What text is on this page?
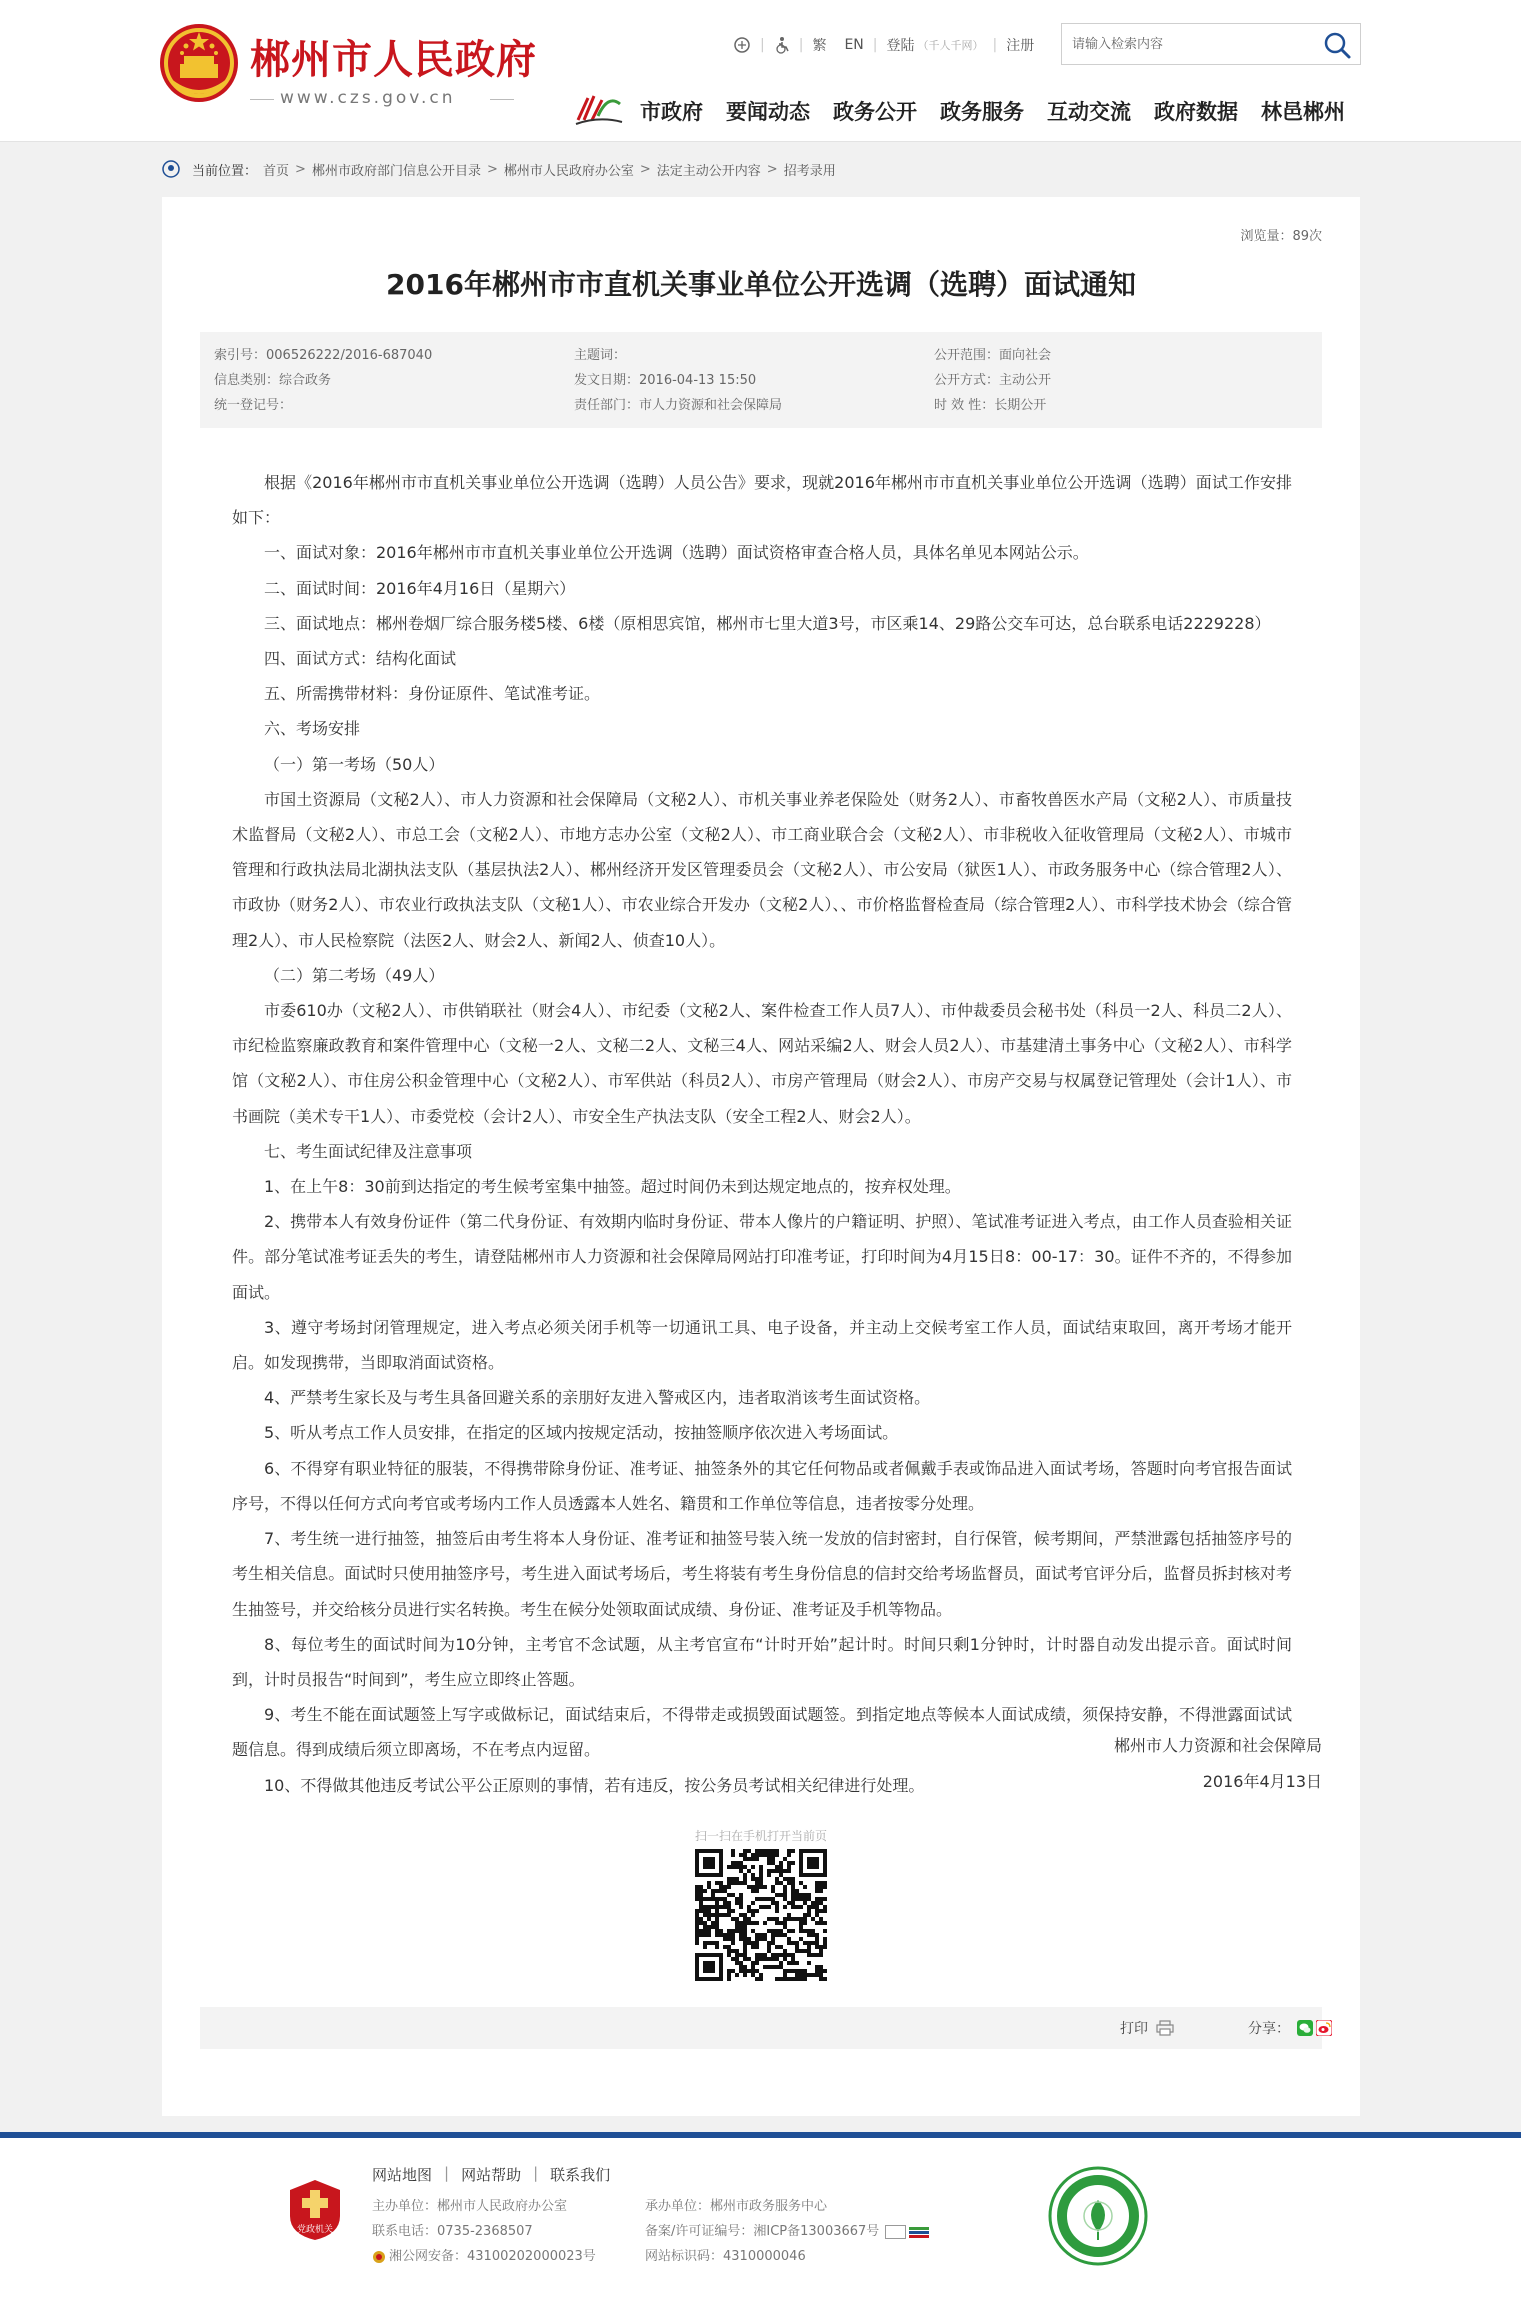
郴州市人民政府
www.czs.gov.cn
| | 繁	EN | 登陆 （千人千网） | 注册
请输入检索内容
市政府 要闻动态 政务公开 政务服务 互动交流 政府数据 林邑郴州
当前位置： 首页 > 郴州市政府部门信息公开目录 > 郴州市人民政府办公室 > 法定主动公开内容 > 招考录用
浏览量：89次
2016年郴州市市直机关事业单位公开选调（选聘）面试通知
索引号：006526222/2016-687040
信息类别：综合政务
统一登记号：
主题词：
发文日期：2016-04-13 15:50
责任部门：市人力资源和社会保障局
公开范围：面向社会
公开方式：主动公开
时 效 性：长期公开

根据《2016年郴州市市直机关事业单位公开选调（选聘）人员公告》要求，现就2016年郴州市市直机关事业单位公开选调（选聘）面试工作安排如下：

一、面试对象：2016年郴州市市直机关事业单位公开选调（选聘）面试资格审查合格人员，具体名单见本网站公示。

二、面试时间：2016年4月16日（星期六）

三、面试地点：郴州卷烟厂综合服务楼5楼、6楼（原相思宾馆，郴州市七里大道3号，市区乘14、29路公交车可达，总台联系电话2229228）

四、面试方式：结构化面试

五、所需携带材料：身份证原件、笔试准考证。

六、考场安排

（一）第一考场（50人）

市国土资源局（文秘2人）、市人力资源和社会保障局（文秘2人）、市机关事业养老保险处（财务2人）、市畜牧兽医水产局（文秘2人）、市质量技术监督局（文秘2人）、市总工会（文秘2人）、市地方志办公室（文秘2人）、市工商业联合会（文秘2人）、市非税收入征收管理局（文秘2人）、市城市管理和行政执法局北湖执法支队（基层执法2人）、郴州经济开发区管理委员会（文秘2人）、市公安局（狱医1人）、市政务服务中心（综合管理2人）、市政协（财务2人）、市农业行政执法支队（文秘1人）、市农业综合开发办（文秘2人）、、市价格监督检查局（综合管理2人）、市科学技术协会（综合管理2人）、市人民检察院（法医2人、财会2人、新闻2人、侦查10人）。

（二）第二考场（49人）

市委610办（文秘2人）、市供销联社（财会4人）、市纪委（文秘2人、案件检查工作人员7人）、市仲裁委员会秘书处（科员一2人、科员二2人）、市纪检监察廉政教育和案件管理中心（文秘一2人、文秘二2人、文秘三4人、网站采编2人、财会人员2人）、市基建清土事务中心（文秘2人）、市科学馆（文秘2人）、市住房公积金管理中心（文秘2人）、市军供站（科员2人）、市房产管理局（财会2人）、市房产交易与权属登记管理处（会计1人）、市书画院（美术专干1人）、市委党校（会计2人）、市安全生产执法支队（安全工程2人、财会2人）。

七、考生面试纪律及注意事项

1、在上午8：30前到达指定的考生候考室集中抽签。超过时间仍未到达规定地点的，按弃权处理。

2、携带本人有效身份证件（第二代身份证、有效期内临时身份证、带本人像片的户籍证明、护照）、笔试准考证进入考点，由工作人员查验相关证件。部分笔试准考证丢失的考生，请登陆郴州市人力资源和社会保障局网站打印准考证，打印时间为4月15日8：00-17：30。证件不齐的，不得参加面试。

3、遵守考场封闭管理规定，进入考点必须关闭手机等一切通讯工具、电子设备，并主动上交候考室工作人员，面试结束取回，离开考场才能开启。如发现携带，当即取消面试资格。

4、严禁考生家长及与考生具备回避关系的亲朋好友进入警戒区内，违者取消该考生面试资格。

5、听从考点工作人员安排，在指定的区域内按规定活动，按抽签顺序依次进入考场面试。

6、不得穿有职业特征的服装，不得携带除身份证、准考证、抽签条外的其它任何物品或者佩戴手表或饰品进入面试考场，答题时向考官报告面试序号，不得以任何方式向考官或考场内工作人员透露本人姓名、籍贯和工作单位等信息，违者按零分处理。

7、考生统一进行抽签，抽签后由考生将本人身份证、准考证和抽签号装入统一发放的信封密封，自行保管，候考期间，严禁泄露包括抽签序号的考生相关信息。面试时只使用抽签序号，考生进入面试考场后，考生将装有考生身份信息的信封交给考场监督员，面试考官评分后，监督员拆封核对考生抽签号，并交给核分员进行实名转换。考生在候分处领取面试成绩、身份证、准考证及手机等物品。

8、每位考生的面试时间为10分钟，主考官不念试题，从主考官宣布“计时开始”起计时。时间只剩1分钟时，计时器自动发出提示音。面试时间到，计时员报告“时间到”，考生应立即终止答题。

9、考生不能在面试题签上写字或做标记，面试结束后，不得带走或损毁面试题签。到指定地点等候本人面试成绩，须保持安静，不得泄露面试试题信息。得到成绩后须立即离场，不在考点内逗留。

10、不得做其他违反考试公平公正原则的事情，若有违反，按公务员考试相关纪律进行处理。

郴州市人力资源和社会保障局
2016年4月13日
扫一扫在手机打开当前页
打印	分享：
党政机关
网站地图 | 网站帮助 | 联系我们
主办单位：郴州市人民政府办公室
联系电话：0735-2368507
湘公网安备：43100202000023号
承办单位：郴州市政务服务中心
备案/许可证编号：湘ICP备13003667号
网站标识码：4310000046
